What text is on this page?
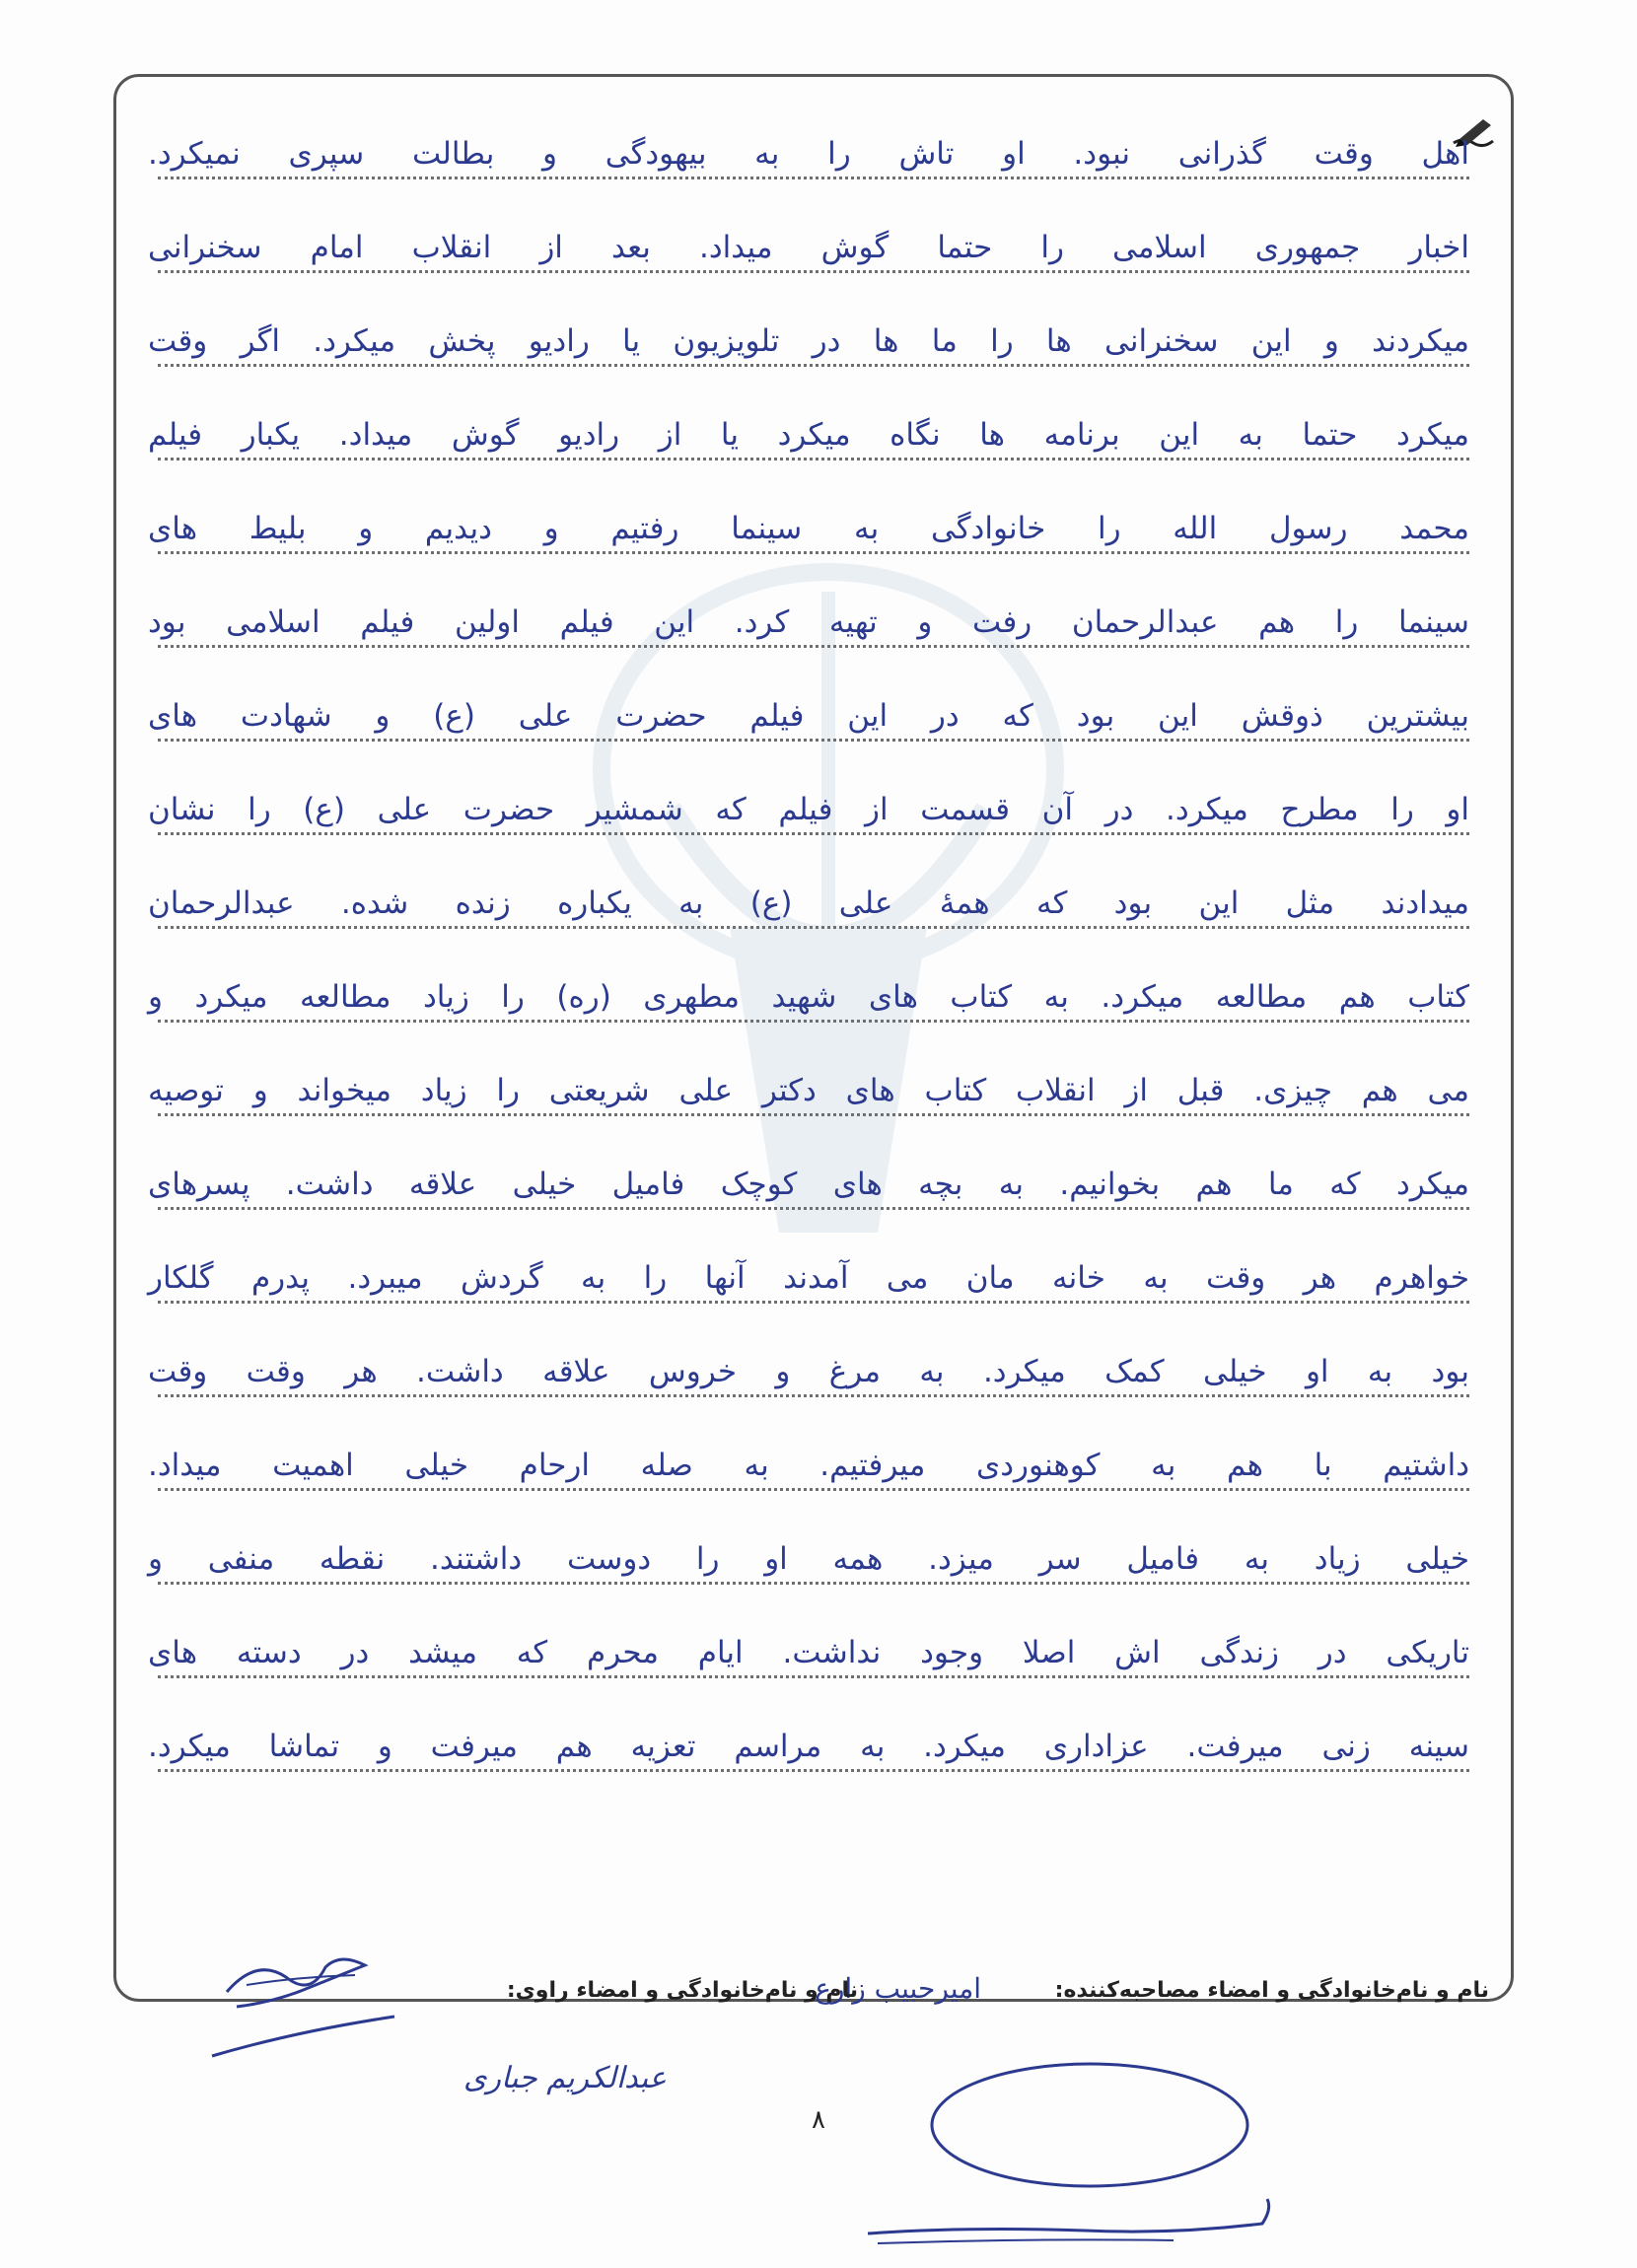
اهل وقت گذرانی نبود. او تاش را به بیهودگی و بطالت سپری نمیکرد.
اخبار جمهوری اسلامی را حتما گوش میداد. بعد از انقلاب امام سخنرانی
میکردند و این سخنرانی ها را ما ها در تلویزیون یا رادیو پخش میکرد. اگر وقت
میکرد حتما به این برنامه ها نگاه میکرد یا از رادیو گوش میداد. یکبار فیلم
محمد رسول الله را خانوادگی به سینما رفتیم و دیدیم و بلیط های
سینما را هم عبدالرحمان رفت و تهیه کرد. این فیلم اولین فیلم اسلامی بود
بیشترین ذوقش این بود که در این فیلم حضرت علی (ع) و شهادت های
او را مطرح میکرد. در آن قسمت از فیلم که شمشیر حضرت علی (ع) را نشان
میدادند مثل این بود که همهٔ علی (ع) به یکباره زنده شده. عبدالرحمان
کتاب هم مطالعه میکرد. به کتاب های شهید مطهری (ره) را زیاد مطالعه میکرد و
می هم چیزی. قبل از انقلاب کتاب های دکتر علی شریعتی را زیاد میخواند و توصیه
میکرد که ما هم بخوانیم. به بچه های کوچک فامیل خیلی علاقه داشت. پسرهای
خواهرم هر وقت به خانه مان می آمدند آنها را به گردش میبرد. پدرم گلکار
بود به او خیلی کمک میکرد. به مرغ و خروس علاقه داشت. هر وقت وقت
داشتیم با هم به کوهنوردی میرفتیم. به صله ارحام خیلی اهمیت میداد.
خیلی زیاد به فامیل سر میزد. همه او را دوست داشتند. نقطه منفی و
تاریکی در زندگی اش اصلا وجود نداشت. ایام محرم که میشد در دسته های
سینه زنی میرفت. عزاداری میکرد. به مراسم تعزیه هم میرفت و تماشا میکرد.
نام و نام‌خانوادگی و امضاء مصاحبه‌کننده:
امیرحبیب زارع
نام و نام‌خانوادگی و امضاء راوی:
عبدالکریم جباری
۸
